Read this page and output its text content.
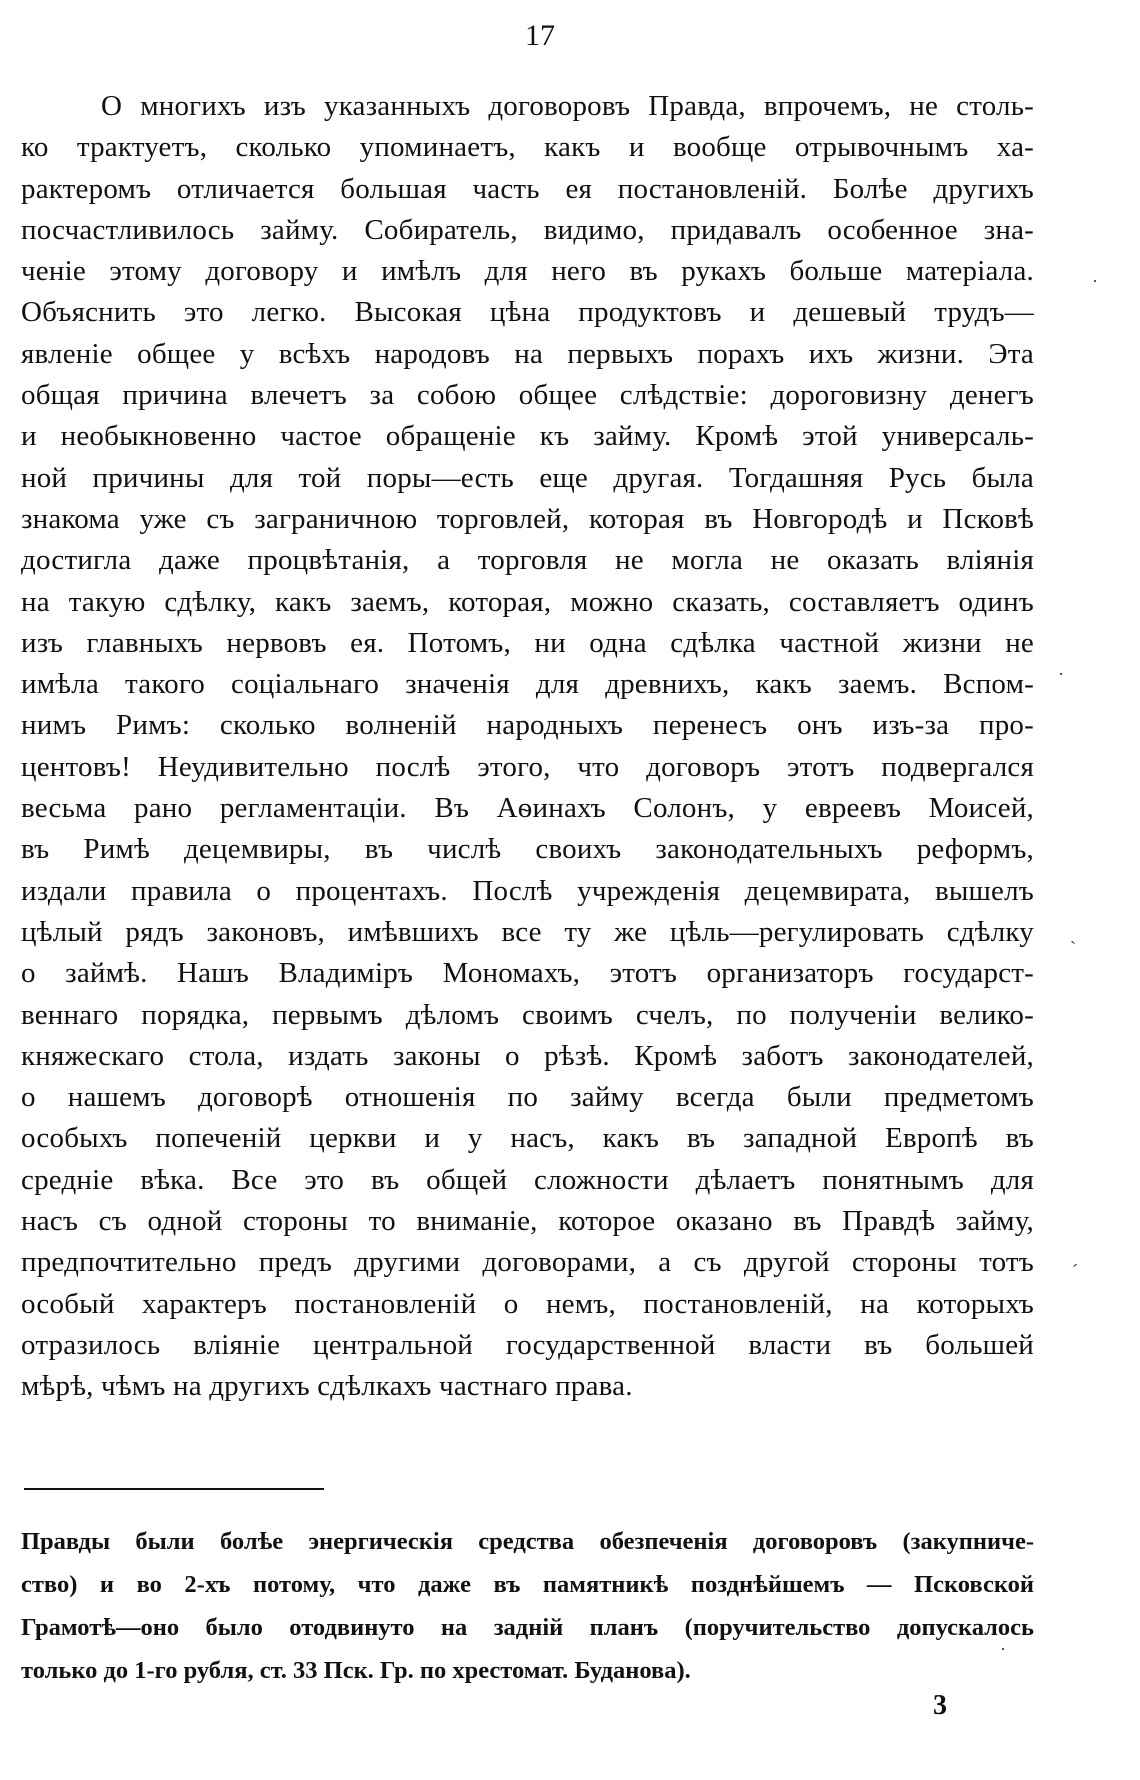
17
О многихъ изъ указанныхъ договоровъ Правда, впрочемъ, не столь-
ко трактуетъ, сколько упоминаетъ, какъ и вообще отрывочнымъ ха-
рактеромъ отличается большая часть ея постановленій. Болѣе другихъ
посчастливилось займу. Собиратель, видимо, придавалъ особенное зна-
ченіе этому договору и имѣлъ для него въ рукахъ больше матеріала.
Объяснить это легко. Высокая цѣна продуктовъ и дешевый трудъ—
явленіе общее у всѣхъ народовъ на первыхъ порахъ ихъ жизни. Эта
общая причина влечетъ за собою общее слѣдствіе: дороговизну денегъ
и необыкновенно частое обращеніе къ займу. Кромѣ этой универсаль-
ной причины для той поры—есть еще другая. Тогдашняя Русь была
знакома уже съ заграничною торговлей, которая въ Новгородѣ и Псковѣ
достигла даже процвѣтанія, а торговля не могла не оказать вліянія
на такую сдѣлку, какъ заемъ, которая, можно сказать, составляетъ одинъ
изъ главныхъ нервовъ ея. Потомъ, ни одна сдѣлка частной жизни не
имѣла такого соціальнаго значенія для древнихъ, какъ заемъ. Вспом-
нимъ Римъ: сколько волненій народныхъ перенесъ онъ изъ-за про-
центовъ! Неудивительно послѣ этого, что договоръ этотъ подвергался
весьма рано регламентаціи. Въ Аѳинахъ Солонъ, у евреевъ Моисей,
въ Римѣ децемвиры, въ числѣ своихъ законодательныхъ реформъ,
издали правила о процентахъ. Послѣ учрежденія децемвирата, вышелъ
цѣлый рядъ законовъ, имѣвшихъ все ту же цѣль—регулировать сдѣлку
о займѣ. Нашъ Владиміръ Мономахъ, этотъ организаторъ государст-
веннаго порядка, первымъ дѣломъ своимъ счелъ, по полученіи велико-
княжескаго стола, издать законы о рѣзѣ. Кромѣ заботъ законодателей,
о нашемъ договорѣ отношенія по займу всегда были предметомъ
особыхъ попеченій церкви и у насъ, какъ въ западной Европѣ въ
средніе вѣка. Все это въ общей сложности дѣлаетъ понятнымъ для
насъ съ одной стороны то вниманіе, которое оказано въ Правдѣ займу,
предпочтительно предъ другими договорами, а съ другой стороны тотъ
особый характеръ постановленій о немъ, постановленій, на которыхъ
отразилось вліяніе центральной государственной власти въ большей
мѣрѣ, чѣмъ на другихъ сдѣлкахъ частнаго права.
Правды были болѣе энергическія средства обезпеченія договоровъ (закупниче-
ство) и во 2-хъ потому, что даже въ памятникѣ позднѣйшемъ — Псковской
Грамотѣ—оно было отодвинуто на задній планъ (поручительство допускалось
только до 1-го рубля, ст. 33 Пск. Гр. по хрестомат. Буданова).
3
·
·
ˎ
ˊ
·
